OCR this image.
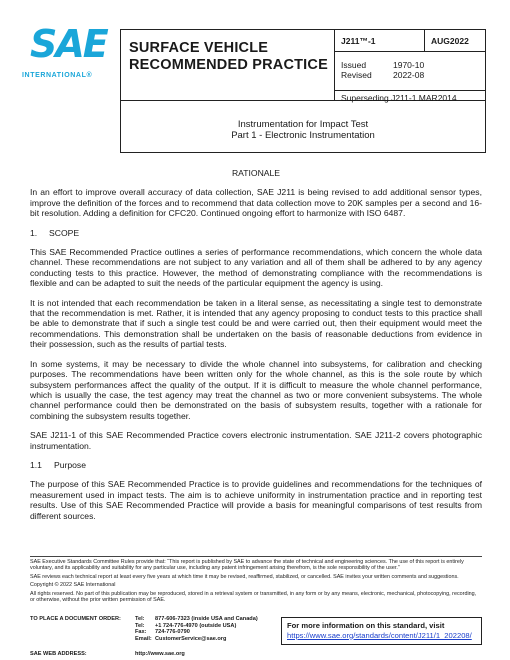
SAE
INTERNATIONAL®
SURFACE VEHICLE
RECOMMENDED PRACTICE
J211™-1	AUG2022
Issued	1970-10
Revised	2022-08
Superseding J211-1 MAR2014
Instrumentation for Impact Test
Part 1 - Electronic Instrumentation
RATIONALE

In an effort to improve overall accuracy of data collection, SAE J211 is being revised to add additional sensor types, improve the definition of the forces and to recommend that data collection move to 20K samples per a second and 16-bit resolution. Adding a definition for CFC20. Continued ongoing effort to harmonize with ISO 6487.

1. SCOPE

This SAE Recommended Practice outlines a series of performance recommendations, which concern the whole data channel. These recommendations are not subject to any variation and all of them shall be adhered to by any agency conducting tests to this practice. However, the method of demonstrating compliance with the recommendations is flexible and can be adapted to suit the needs of the particular equipment the agency is using.

It is not intended that each recommendation be taken in a literal sense, as necessitating a single test to demonstrate that the recommendation is met. Rather, it is intended that any agency proposing to conduct tests to this practice shall be able to demonstrate that if such a single test could be and were carried out, then their equipment would meet the recommendations. This demonstration shall be undertaken on the basis of reasonable deductions from evidence in their possession, such as the results of partial tests.

In some systems, it may be necessary to divide the whole channel into subsystems, for calibration and checking purposes. The recommendations have been written only for the whole channel, as this is the sole route by which subsystem performances affect the quality of the output. If it is difficult to measure the whole channel performance, which is usually the case, the test agency may treat the channel as two or more convenient subsystems. The whole channel performance could then be demonstrated on the basis of subsystem results, together with a rationale for combining the subsystem results together.

SAE J211-1 of this SAE Recommended Practice covers electronic instrumentation. SAE J211-2 covers photographic instrumentation.

1.1 Purpose

The purpose of this SAE Recommended Practice is to provide guidelines and recommendations for the techniques of measurement used in impact tests. The aim is to achieve uniformity in instrumentation practice and in reporting test results. Use of this SAE Recommended Practice will provide a basis for meaningful comparisons of test results from different sources.

SAE Executive Standards Committee Rules provide that: “This report is published by SAE to advance the state of technical and engineering sciences. The use of this report is entirely voluntary, and its applicability and suitability for any particular use, including any patent infringement arising therefrom, is the sole responsibility of the user.”

SAE reviews each technical report at least every five years at which time it may be revised, reaffirmed, stabilized, or cancelled. SAE invites your written comments and suggestions.

Copyright © 2022 SAE International

All rights reserved. No part of this publication may be reproduced, stored in a retrieval system or transmitted, in any form or by any means, electronic, mechanical, photocopying, recording, or otherwise, without the prior written permission of SAE.

TO PLACE A DOCUMENT ORDER:	Tel:	877-606-7323 (inside USA and Canada)
Tel:	+1 724-776-4970 (outside USA)
Fax:	724-776-0790
Email: CustomerService@sae.org
SAE WEB ADDRESS:	http://www.sae.org
For more information on this standard, visit
https://www.sae.org/standards/content/J211/1_202208/
